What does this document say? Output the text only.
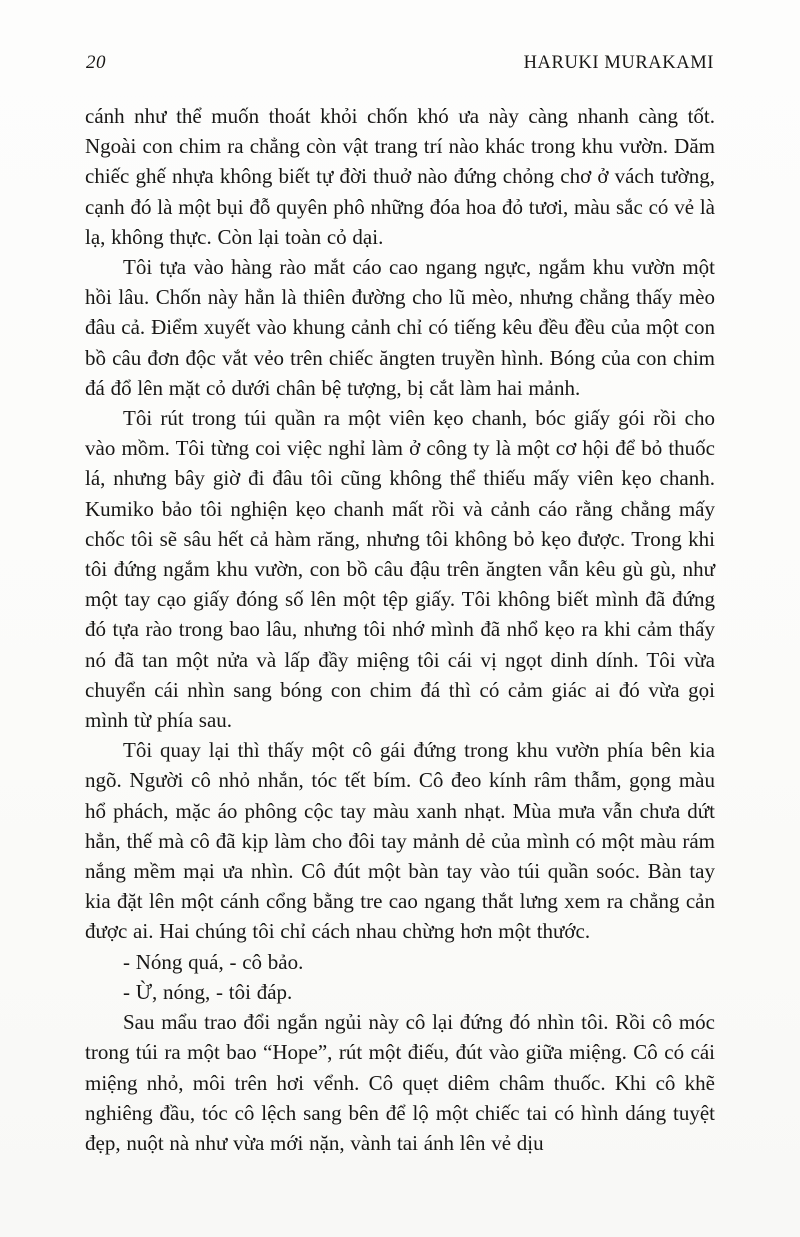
20	HARUKI MURAKAMI

cánh như thể muốn thoát khỏi chốn khó ưa này càng nhanh càng tốt. Ngoài con chim ra chẳng còn vật trang trí nào khác trong khu vườn. Dăm chiếc ghế nhựa không biết tự đời thuở nào đứng chỏng chơ ở vách tường, cạnh đó là một bụi đỗ quyên phô những đóa hoa đỏ tươi, màu sắc có vẻ là lạ, không thực. Còn lại toàn cỏ dại.

Tôi tựa vào hàng rào mắt cáo cao ngang ngực, ngắm khu vườn một hồi lâu. Chốn này hẳn là thiên đường cho lũ mèo, nhưng chẳng thấy mèo đâu cả. Điểm xuyết vào khung cảnh chỉ có tiếng kêu đều đều của một con bồ câu đơn độc vắt vẻo trên chiếc ăngten truyền hình. Bóng của con chim đá đổ lên mặt cỏ dưới chân bệ tượng, bị cắt làm hai mảnh.

Tôi rút trong túi quần ra một viên kẹo chanh, bóc giấy gói rồi cho vào mồm. Tôi từng coi việc nghỉ làm ở công ty là một cơ hội để bỏ thuốc lá, nhưng bây giờ đi đâu tôi cũng không thể thiếu mấy viên kẹo chanh. Kumiko bảo tôi nghiện kẹo chanh mất rồi và cảnh cáo rằng chẳng mấy chốc tôi sẽ sâu hết cả hàm răng, nhưng tôi không bỏ kẹo được. Trong khi tôi đứng ngắm khu vườn, con bồ câu đậu trên ăngten vẫn kêu gù gù, như một tay cạo giấy đóng số lên một tệp giấy. Tôi không biết mình đã đứng đó tựa rào trong bao lâu, nhưng tôi nhớ mình đã nhổ kẹo ra khi cảm thấy nó đã tan một nửa và lấp đầy miệng tôi cái vị ngọt dinh dính. Tôi vừa chuyển cái nhìn sang bóng con chim đá thì có cảm giác ai đó vừa gọi mình từ phía sau.

Tôi quay lại thì thấy một cô gái đứng trong khu vườn phía bên kia ngõ. Người cô nhỏ nhắn, tóc tết bím. Cô đeo kính râm thẫm, gọng màu hổ phách, mặc áo phông cộc tay màu xanh nhạt. Mùa mưa vẫn chưa dứt hẳn, thế mà cô đã kịp làm cho đôi tay mảnh dẻ của mình có một màu rám nắng mềm mại ưa nhìn. Cô đút một bàn tay vào túi quần soóc. Bàn tay kia đặt lên một cánh cổng bằng tre cao ngang thắt lưng xem ra chẳng cản được ai. Hai chúng tôi chỉ cách nhau chừng hơn một thước.

- Nóng quá, - cô bảo.

- Ừ, nóng, - tôi đáp.

Sau mẩu trao đổi ngắn ngủi này cô lại đứng đó nhìn tôi. Rồi cô móc trong túi ra một bao “Hope”, rút một điếu, đút vào giữa miệng. Cô có cái miệng nhỏ, môi trên hơi vểnh. Cô quẹt diêm châm thuốc. Khi cô khẽ nghiêng đầu, tóc cô lệch sang bên để lộ một chiếc tai có hình dáng tuyệt đẹp, nuột nà như vừa mới nặn, vành tai ánh lên vẻ dịu
